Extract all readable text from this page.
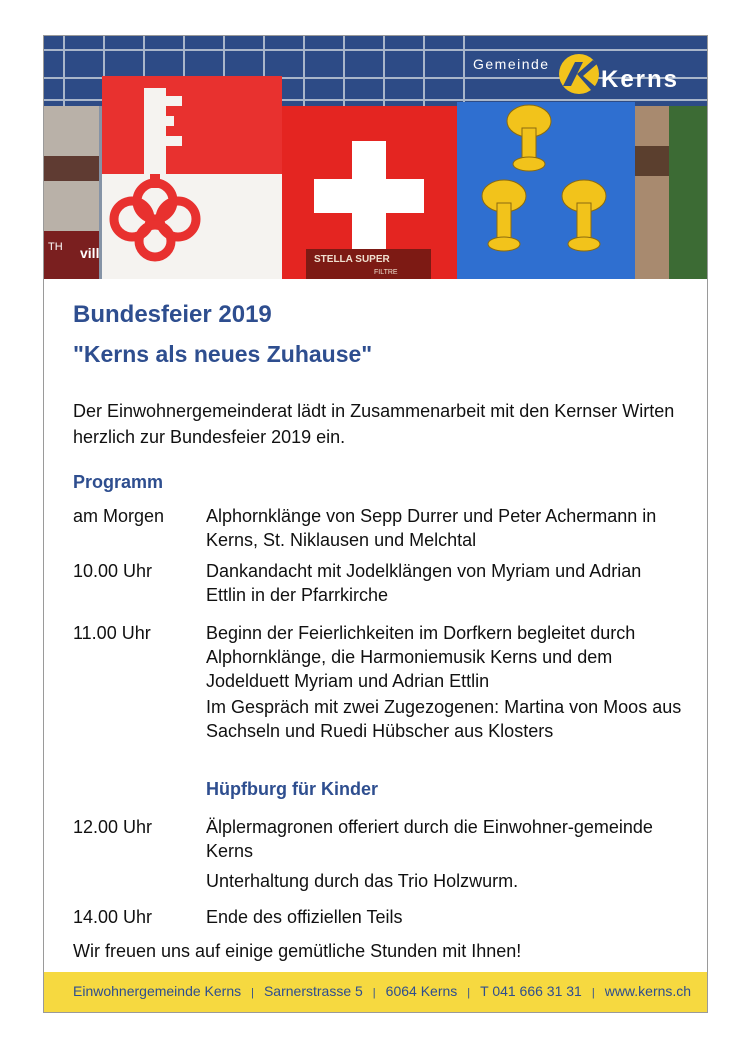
TH vill	STELLA SUPER
FILTRE
Gemeinde
Kerns
Bundesfeier 2019
"Kerns als neues Zuhause"
Der Einwohnergemeinderat lädt in Zusammenarbeit mit den Kernser Wirten herzlich zur Bundesfeier 2019 ein.
Programm
am Morgen	Alphornklänge von Sepp Durrer und Peter Achermann in Kerns, St. Niklausen und Melchtal
10.00 Uhr	Dankandacht mit Jodelklängen von Myriam und Adrian Ettlin in der Pfarrkirche
11.00 Uhr	Beginn der Feierlichkeiten im Dorfkern begleitet durch Alphornklänge, die Harmoniemusik Kerns und dem Jodelduett Myriam und Adrian Ettlin
Im Gespräch mit zwei Zugezogenen: Martina von Moos aus Sachseln und Ruedi Hübscher aus Klosters
Hüpfburg für Kinder
12.00 Uhr	Älplermagronen offeriert durch die Einwohner-gemeinde Kerns
Unterhaltung durch das Trio Holzwurm.
14.00 Uhr	Ende des offiziellen Teils
Wir freuen uns auf einige gemütliche Stunden mit Ihnen!
Einwohnergemeinde Kerns | Sarnerstrasse 5 | 6064 Kerns | T 041 666 31 31 | www.kerns.ch
